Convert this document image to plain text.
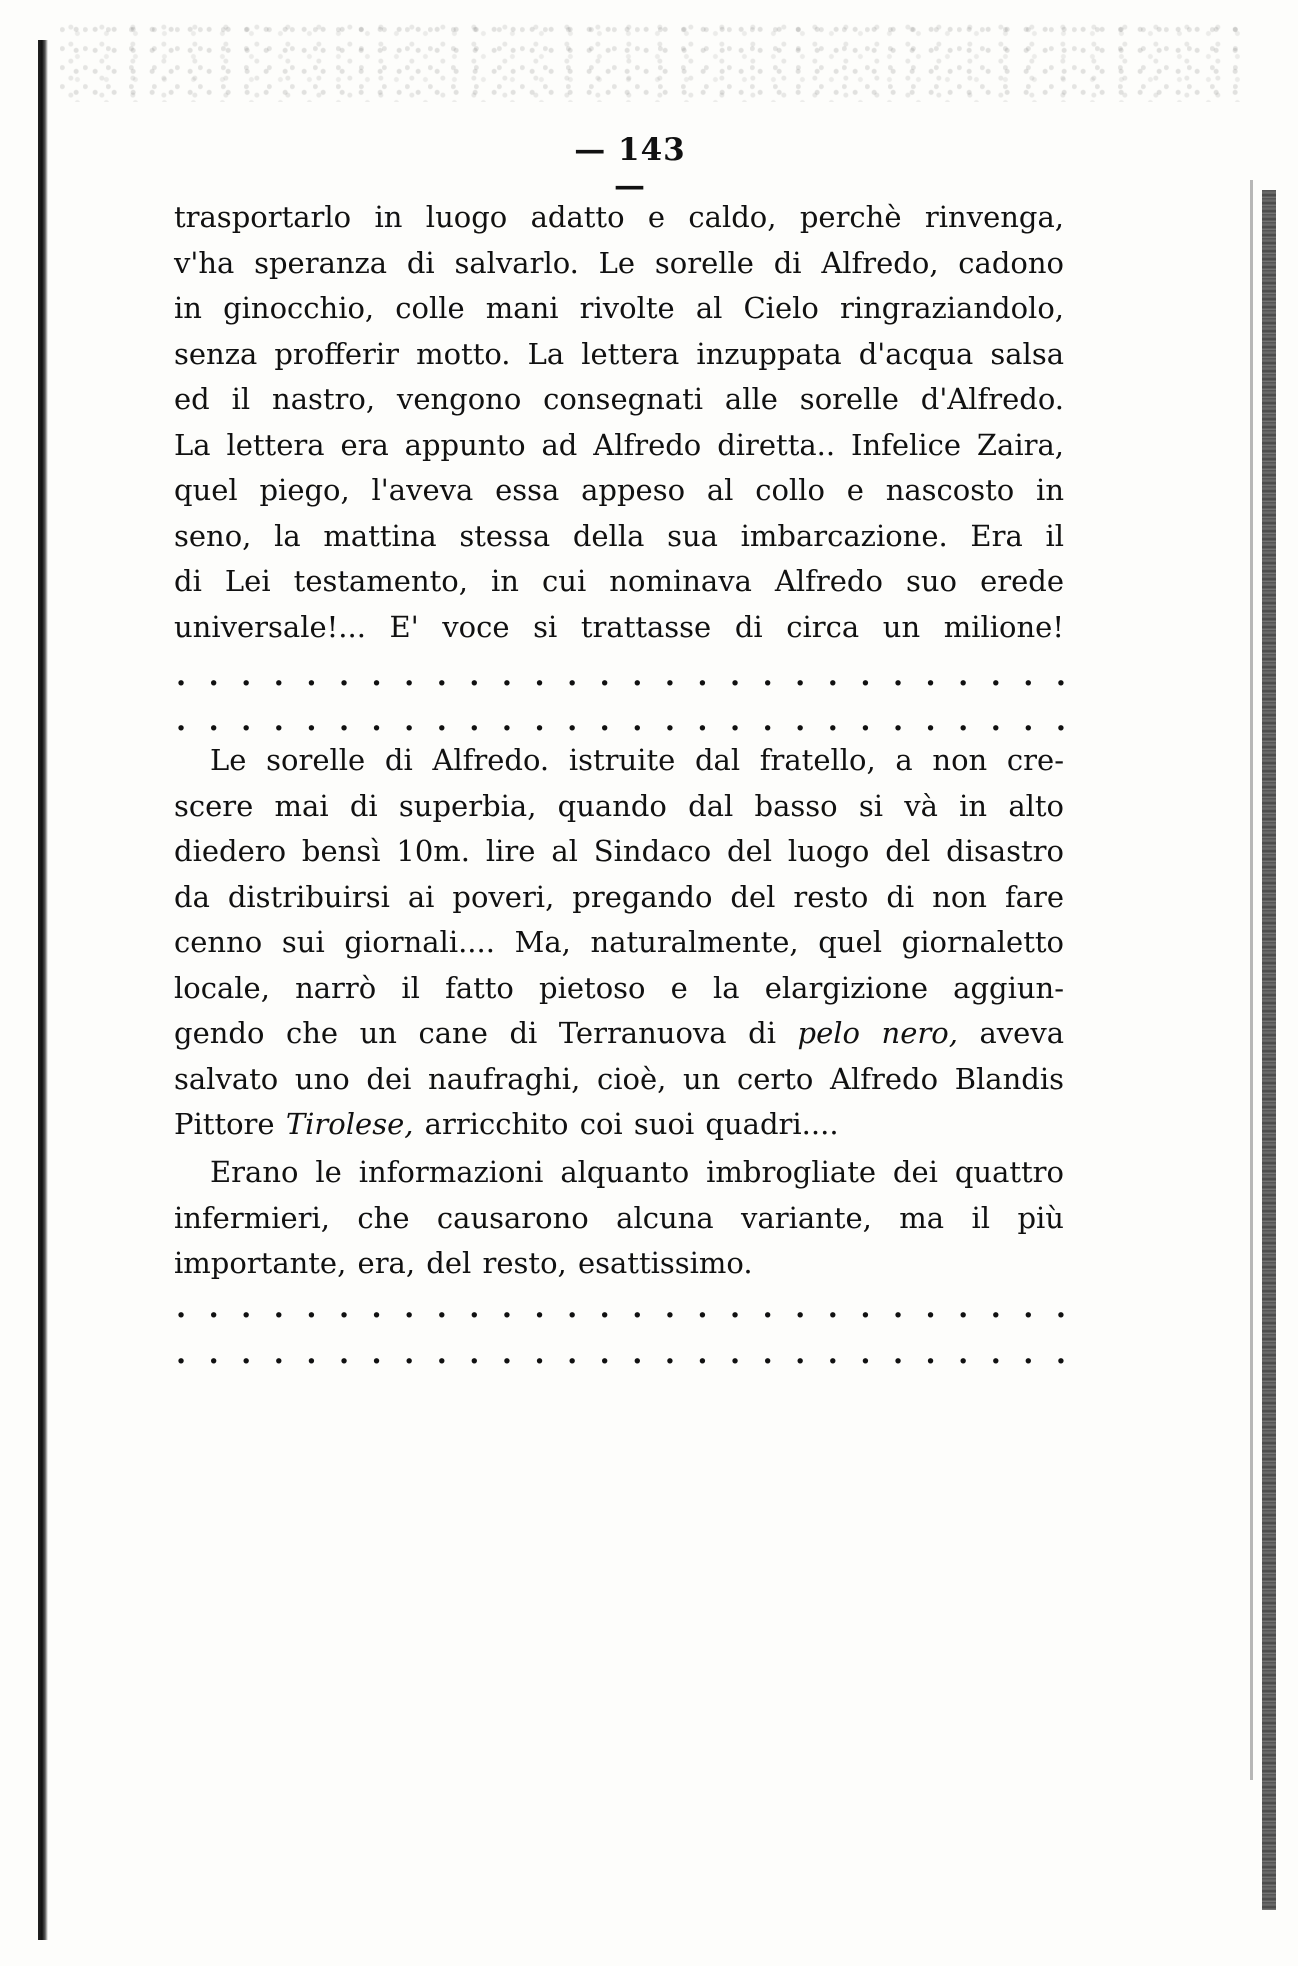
— 143 —
trasportarlo in luogo adatto e caldo, perchè rinvenga,
v'ha speranza di salvarlo. Le sorelle di Alfredo, cadono
in ginocchio, colle mani rivolte al Cielo ringraziandolo,
senza profferir motto. La lettera inzuppata d'acqua salsa
ed il nastro, vengono consegnati alle sorelle d'Alfredo.
La lettera era appunto ad Alfredo diretta.. Infelice Zaira,
quel piego, l'aveva essa appeso al collo e nascosto in
seno, la mattina stessa della sua imbarcazione. Era il
di Lei testamento, in cui nominava Alfredo suo erede
universale!... E' voce si trattasse di circa un milione!
. . . . . . . . . . . . . . . . . . . . . . . . . . . .
. . . . . . . . . . . . . . . . . . . . . . . . . . . .
Le sorelle di Alfredo. istruite dal fratello, a non cre-
scere mai di superbia, quando dal basso si và in alto
diedero bensì 10m. lire al Sindaco del luogo del disastro
da distribuirsi ai poveri, pregando del resto di non fare
cenno sui giornali.... Ma, naturalmente, quel giornaletto
locale, narrò il fatto pietoso e la elargizione aggiun-
gendo che un cane di Terranuova di pelo nero, aveva
salvato uno dei naufraghi, cioè, un certo Alfredo Blandis
Pittore Tirolese, arricchito coi suoi quadri....
Erano le informazioni alquanto imbrogliate dei quattro
infermieri, che causarono alcuna variante, ma il più
importante, era, del resto, esattissimo.
. . . . . . . . . . . . . . . . . . . . . . . . . . . .
. . . . . . . . . . . . . . . . . . . . . . . . . . . .
